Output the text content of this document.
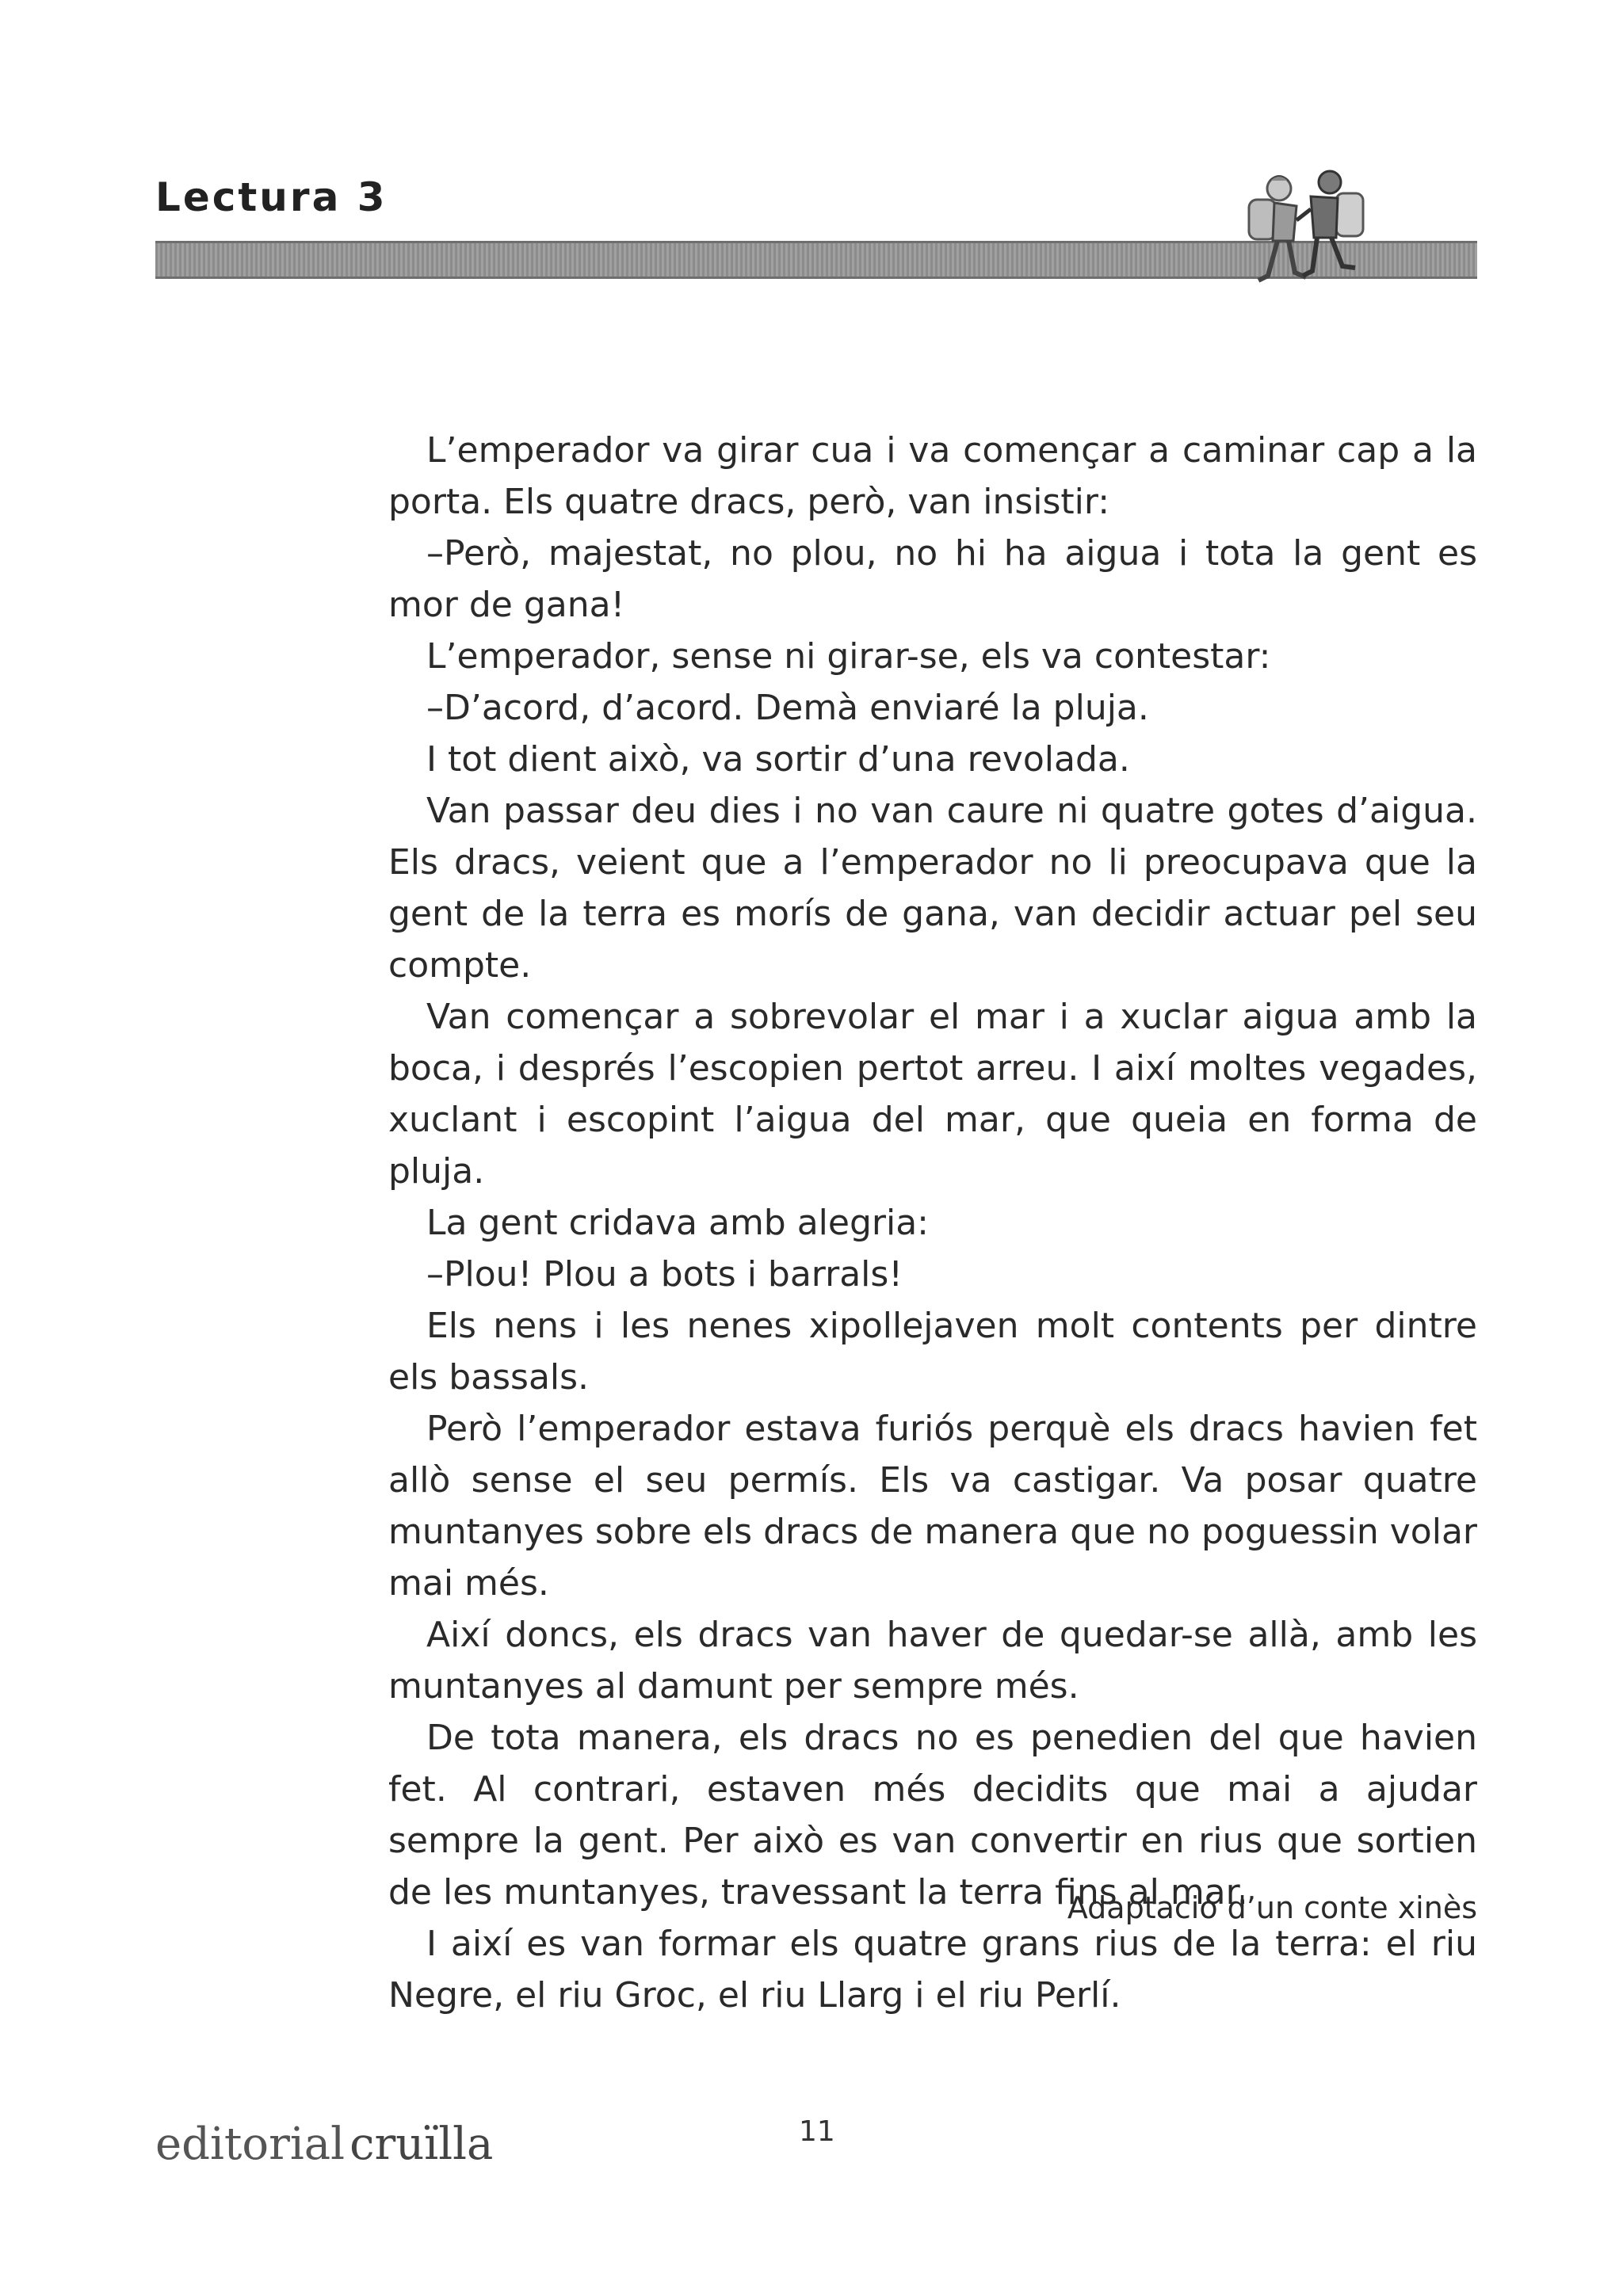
Lectura 3

L’emperador va girar cua i va començar a caminar cap a la porta. Els quatre dracs, però, van insistir:

–Però, majestat, no plou, no hi ha aigua i tota la gent es mor de gana!

L’emperador, sense ni girar-se, els va contestar:

–D’acord, d’acord. Demà enviaré la pluja.

I tot dient això, va sortir d’una revolada.

Van passar deu dies i no van caure ni quatre gotes d’aigua. Els dracs, veient que a l’emperador no li preocupava que la gent de la terra es morís de gana, van decidir actuar pel seu compte.

Van començar a sobrevolar el mar i a xuclar aigua amb la boca, i després l’escopien pertot arreu. I així moltes vegades, xuclant i escopint l’aigua del mar, que queia en forma de pluja.

La gent cridava amb alegria:

–Plou! Plou a bots i barrals!

Els nens i les nenes xipollejaven molt contents per dintre els bassals.

Però l’emperador estava furiós perquè els dracs havien fet allò sense el seu permís. Els va castigar. Va posar quatre muntanyes sobre els dracs de manera que no poguessin volar mai més.

Així doncs, els dracs van haver de quedar-se allà, amb les muntanyes al damunt per sempre més.

De tota manera, els dracs no es penedien del que havien fet. Al contrari, estaven més decidits que mai a ajudar sempre la gent. Per això es van convertir en rius que sortien de les muntanyes, travessant la terra fins al mar.

I així es van formar els quatre grans rius de la terra: el riu Negre, el riu Groc, el riu Llarg i el riu Perlí.

Adaptació d’un conte xinès
editorial cruïlla	11
